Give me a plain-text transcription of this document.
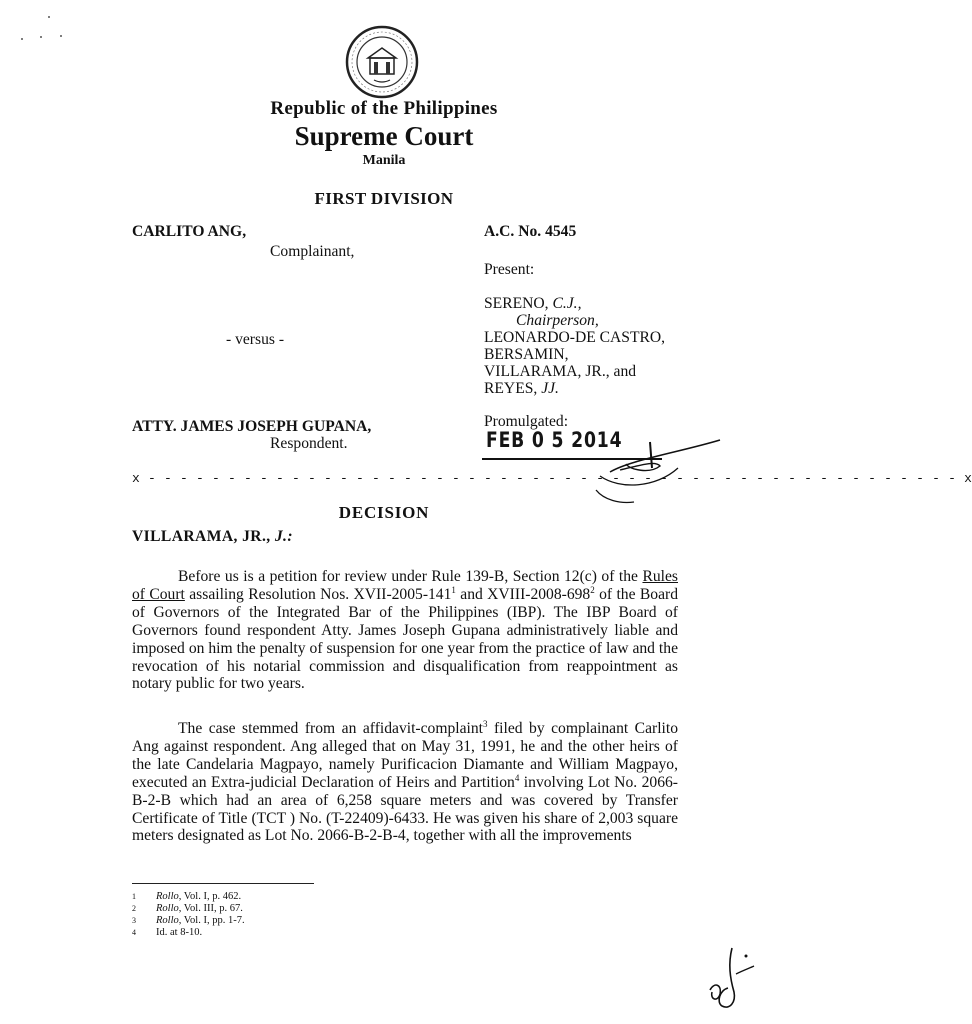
Republic of the Philippines
Supreme Court
Manila
FIRST DIVISION
CARLITO ANG,
Complainant,
- versus -
ATTY. JAMES JOSEPH GUPANA,
Respondent.
A.C. No. 4545
Present:
SERENO, C.J.,
Chairperson,
LEONARDO-DE CASTRO,
BERSAMIN,
VILLARAMA, JR., and
REYES, JJ.
Promulgated:
FEB 0 5 2014
x - - - - - - - - - - - - - - - - - - - - - - - - - - - - - - - - - - - - - - - - - - - - - - - - - - - x
DECISION
VILLARAMA, JR., J.:
Before us is a petition for review under Rule 139-B, Section 12(c) of the Rules of Court assailing Resolution Nos. XVII-$2005-141^1$ and XVIII-$2008-698^2$ of the Board of Governors of the Integrated Bar of the Philippines (IBP). The IBP Board of Governors found respondent Atty. James Joseph Gupana administratively liable and imposed on him the penalty of suspension for one year from the practice of law and the revocation of his notarial commission and disqualification from reappointment as notary public for two years.
The case stemmed from an affidavit-complaint$^3$ filed by complainant Carlito Ang against respondent. Ang alleged that on May 31, 1991, he and the other heirs of the late Candelaria Magpayo, namely Purificacion Diamante and William Magpayo, executed an Extra-judicial Declaration of Heirs and Partition$^4$ involving Lot No. 2066-B-2-B which had an area of 6,258 square meters and was covered by Transfer Certificate of Title (TCT ) No. (T-22409)-6433. He was given his share of 2,003 square meters designated as Lot No. 2066-B-2-B-4, together with all the improvements
1 Rollo, Vol. I, p. 462.
2 Rollo, Vol. III, p. 67.
3 Rollo, Vol. I, pp. 1-7.
4 Id. at 8-10.
